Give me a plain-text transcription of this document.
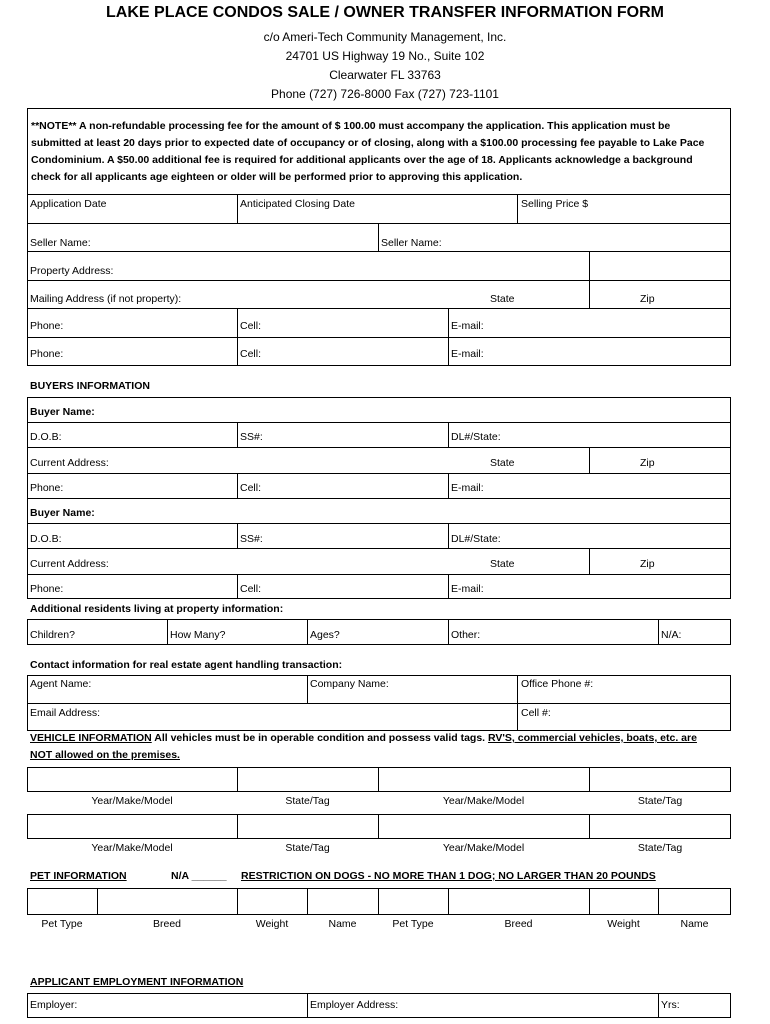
LAKE PLACE CONDOS SALE / OWNER TRANSFER INFORMATION FORM
c/o Ameri-Tech Community Management, Inc.
24701 US Highway 19 No., Suite 102
Clearwater FL 33763
Phone (727) 726-8000 Fax (727) 723-1101
**NOTE** A non-refundable processing fee for the amount of $ 100.00 must accompany the application. This application must be submitted at least 20 days prior to expected date of occupancy or of closing, along with a $100.00 processing fee payable to Lake Pace Condominium. A $50.00 additional fee is required for additional applicants over the age of 18. Applicants acknowledge a background check for all applicants age eighteen or older will be performed prior to approving this application.
Application Date	Anticipated Closing Date	Selling Price $
Seller Name:	Seller Name:
Property Address:
Mailing Address (if not property):	State	Zip
Phone:	Cell:	E-mail:
Phone:	Cell:	E-mail:
BUYERS INFORMATION
Buyer Name:
D.O.B:	SS#:	DL#/State:
Current Address:	State	Zip
Phone:	Cell:	E-mail:
Buyer Name:
D.O.B:	SS#:	DL#/State:
Current Address:	State	Zip
Phone:	Cell:	E-mail:
Additional residents living at property information:
Children?	How Many?	Ages?	Other:	N/A:
Contact information for real estate agent handling transaction:
Agent Name:	Company Name:	Office Phone #:
Email Address:	Cell #:
VEHICLE INFORMATION All vehicles must be in operable condition and possess valid tags. RV'S, commercial vehicles, boats, etc. are
NOT allowed on the premises.
Year/Make/Model	State/Tag	Year/Make/Model	State/Tag
Year/Make/Model	State/Tag	Year/Make/Model	State/Tag
PET INFORMATION	N/A ______ RESTRICTION ON DOGS - NO MORE THAN 1 DOG; NO LARGER THAN 20 POUNDS
Pet Type	Breed	Weight	Name	Pet Type	Breed	Weight	Name
APPLICANT EMPLOYMENT INFORMATION
Employer:	Employer Address:	Yrs:
